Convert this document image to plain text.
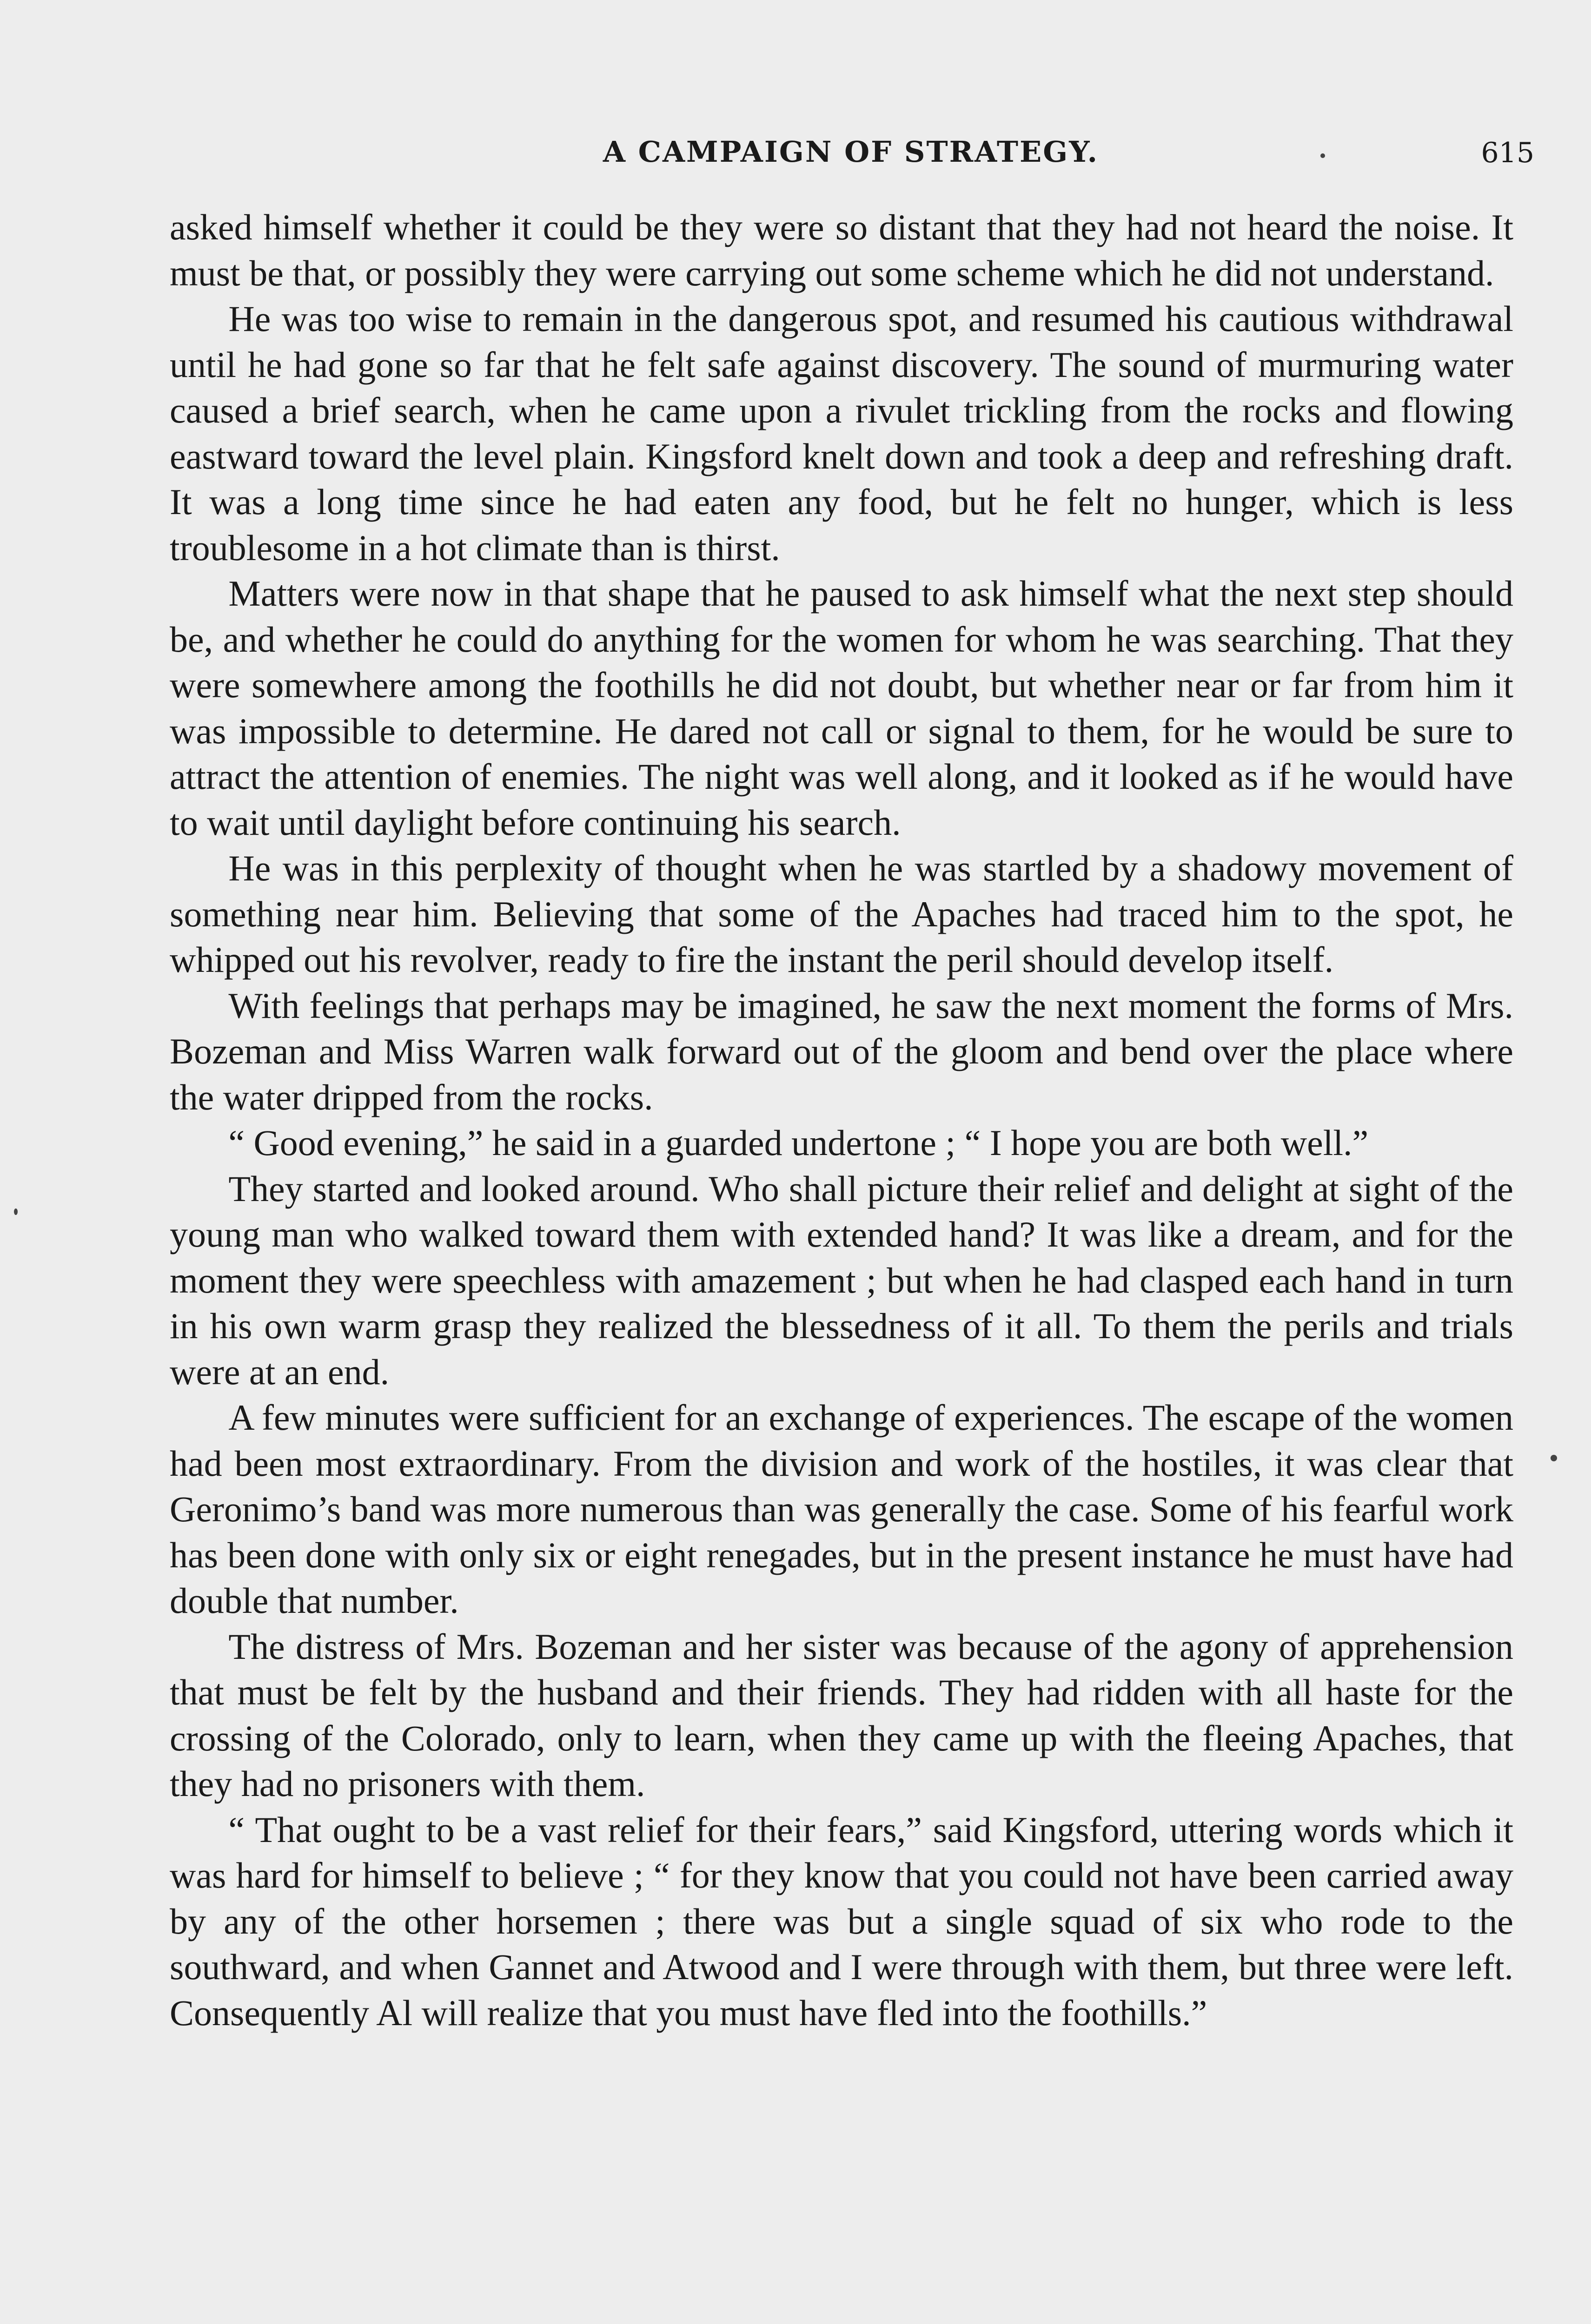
A CAMPAIGN OF STRATEGY.	615

asked himself whether it could be they were so distant that they had not heard the noise. It must be that, or possibly they were carrying out some scheme which he did not understand.

He was too wise to remain in the dangerous spot, and resumed his cautious withdrawal until he had gone so far that he felt safe against discovery. The sound of murmuring water caused a brief search, when he came upon a rivulet trickling from the rocks and flowing eastward toward the level plain. Kingsford knelt down and took a deep and refreshing draft. It was a long time since he had eaten any food, but he felt no hunger, which is less troublesome in a hot climate than is thirst.

Matters were now in that shape that he paused to ask himself what the next step should be, and whether he could do anything for the women for whom he was searching. That they were somewhere among the foothills he did not doubt, but whether near or far from him it was impossible to determine. He dared not call or signal to them, for he would be sure to attract the attention of enemies. The night was well along, and it looked as if he would have to wait until daylight before continuing his search.

He was in this perplexity of thought when he was startled by a shadowy movement of something near him. Believing that some of the Apaches had traced him to the spot, he whipped out his revolver, ready to fire the instant the peril should develop itself.

With feelings that perhaps may be imagined, he saw the next moment the forms of Mrs. Bozeman and Miss Warren walk forward out of the gloom and bend over the place where the water dripped from the rocks.

“ Good evening,” he said in a guarded undertone ; “ I hope you are both well.”

They started and looked around. Who shall picture their relief and delight at sight of the young man who walked toward them with extended hand? It was like a dream, and for the moment they were speechless with amazement ; but when he had clasped each hand in turn in his own warm grasp they realized the blessedness of it all. To them the perils and trials were at an end.

A few minutes were sufficient for an exchange of experiences. The escape of the women had been most extraordinary. From the division and work of the hostiles, it was clear that Geronimo’s band was more numerous than was generally the case. Some of his fearful work has been done with only six or eight renegades, but in the present instance he must have had double that number.

The distress of Mrs. Bozeman and her sister was because of the agony of apprehension that must be felt by the husband and their friends. They had ridden with all haste for the crossing of the Colorado, only to learn, when they came up with the fleeing Apaches, that they had no prisoners with them.

“ That ought to be a vast relief for their fears,” said Kingsford, uttering words which it was hard for himself to believe ; “ for they know that you could not have been carried away by any of the other horsemen ; there was but a single squad of six who rode to the southward, and when Gannet and Atwood and I were through with them, but three were left. Consequently Al will realize that you must have fled into the foothills.”
